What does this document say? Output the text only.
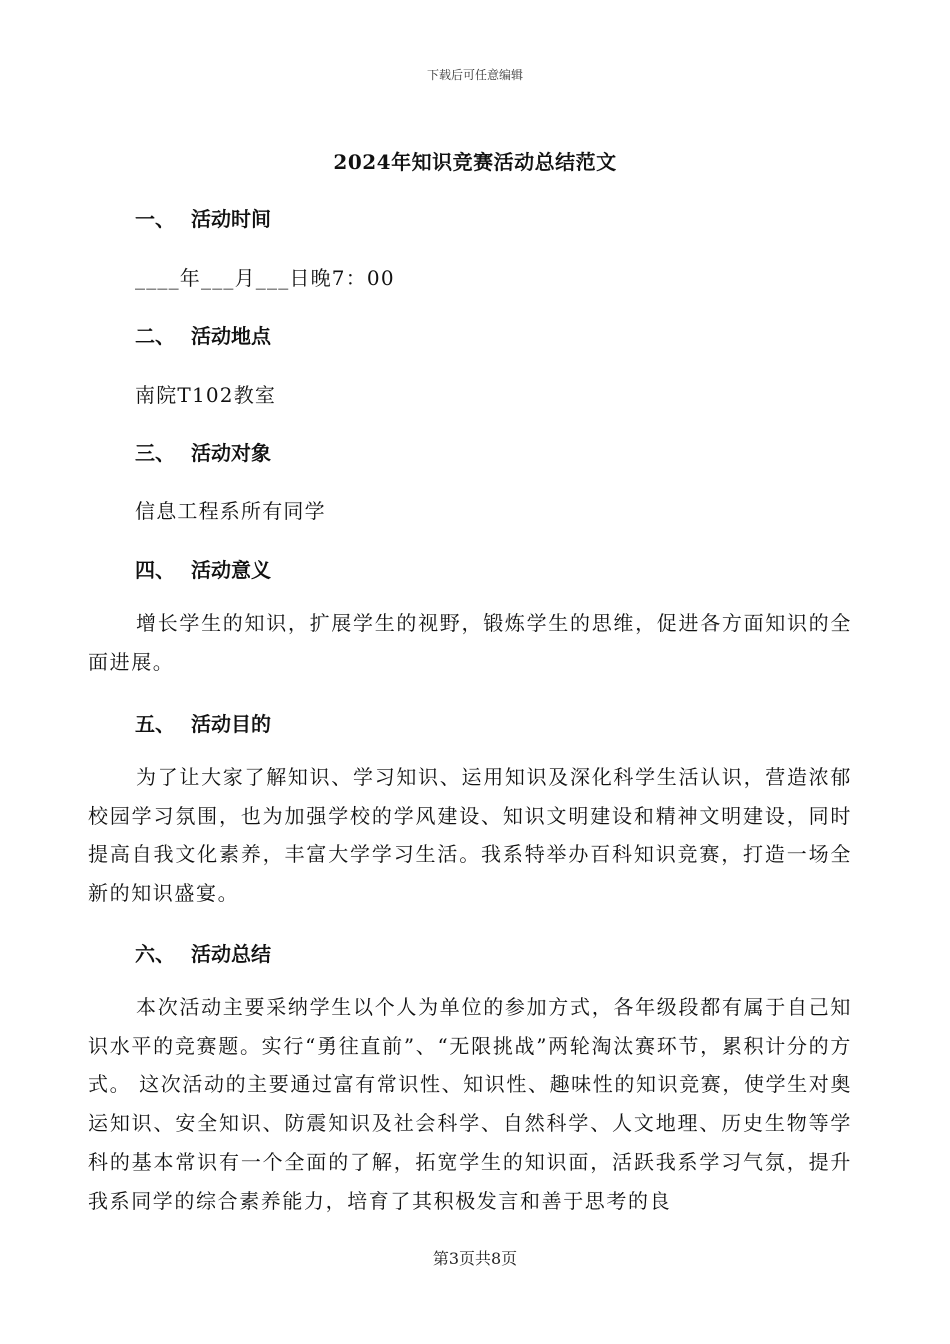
下载后可任意编辑
2024年知识竞赛活动总结范文
一、 活动时间
____年___月___日晚7：00
二、 活动地点
南院T102教室
三、 活动对象
信息工程系所有同学
四、 活动意义
增长学生的知识，扩展学生的视野，锻炼学生的思维，促进各方面知识的全面进展。
五、 活动目的
为了让大家了解知识、学习知识、运用知识及深化科学生活认识，营造浓郁校园学习氛围，也为加强学校的学风建设、知识文明建设和精神文明建设，同时提高自我文化素养，丰富大学学习生活。我系特举办百科知识竞赛，打造一场全新的知识盛宴。
六、 活动总结
本次活动主要采纳学生以个人为单位的参加方式，各年级段都有属于自己知识水平的竞赛题。实行“勇往直前”、“无限挑战”两轮淘汰赛环节，累积计分的方式。 这次活动的主要通过富有常识性、知识性、趣味性的知识竞赛，使学生对奥运知识、安全知识、防震知识及社会科学、自然科学、人文地理、历史生物等学科的基本常识有一个全面的了解，拓宽学生的知识面，活跃我系学习气氛，提升我系同学的综合素养能力，培育了其积极发言和善于思考的良
第3页共8页
